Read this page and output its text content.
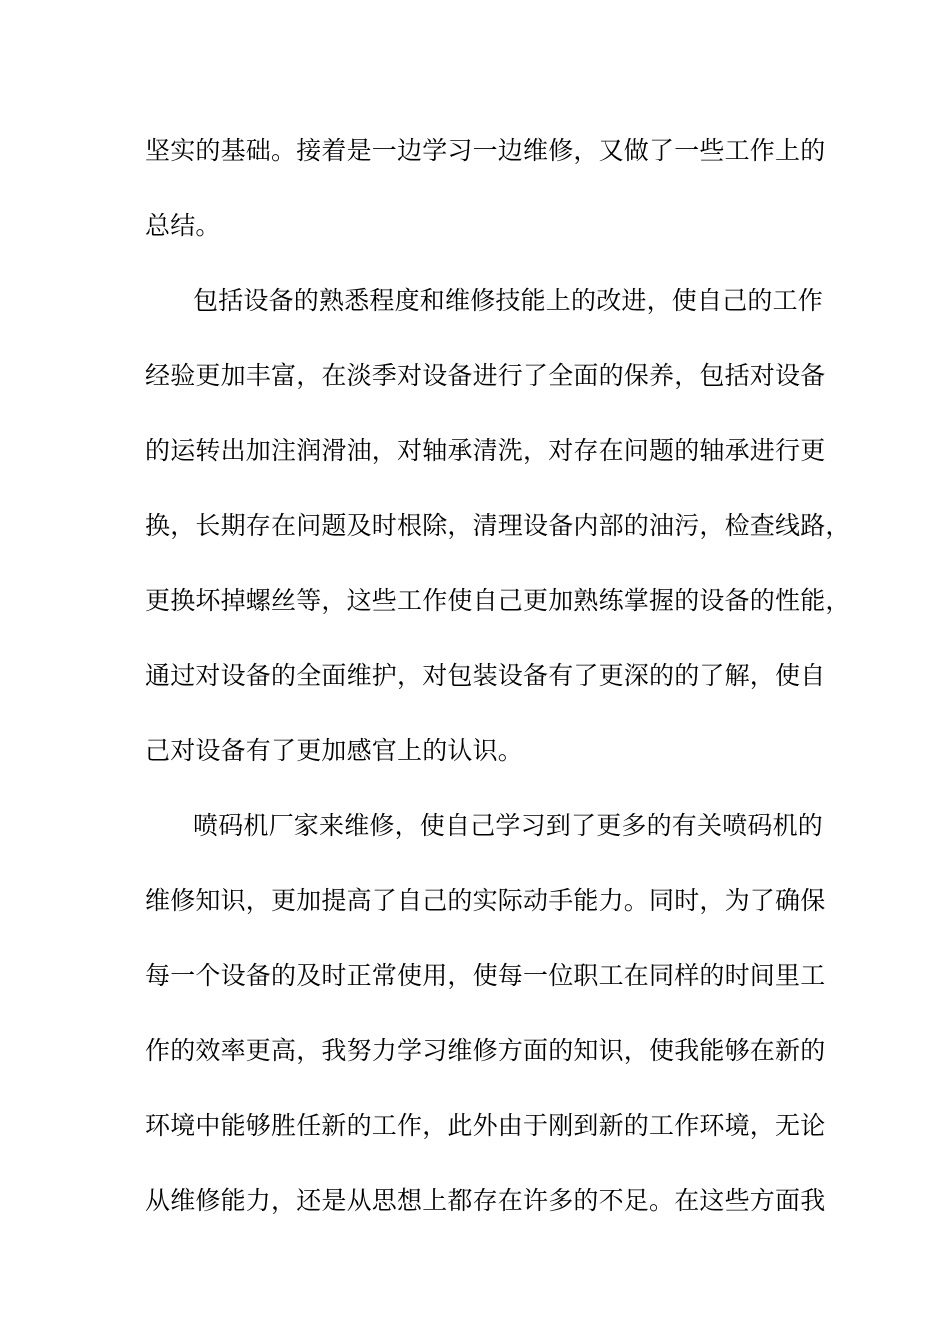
坚实的基础。接着是一边学习一边维修，又做了一些工作上的
总结。
包括设备的熟悉程度和维修技能上的改进，使自己的工作
经验更加丰富，在淡季对设备进行了全面的保养，包括对设备
的运转出加注润滑油，对轴承清洗，对存在问题的轴承进行更
换，长期存在问题及时根除，清理设备内部的油污，检查线路，
更换坏掉螺丝等，这些工作使自己更加熟练掌握的设备的性能，
通过对设备的全面维护，对包装设备有了更深的的了解，使自
己对设备有了更加感官上的认识。
喷码机厂家来维修，使自己学习到了更多的有关喷码机的
维修知识，更加提高了自己的实际动手能力。同时，为了确保
每一个设备的及时正常使用，使每一位职工在同样的时间里工
作的效率更高，我努力学习维修方面的知识，使我能够在新的
环境中能够胜任新的工作，此外由于刚到新的工作环境，无论
从维修能力，还是从思想上都存在许多的不足。在这些方面我
